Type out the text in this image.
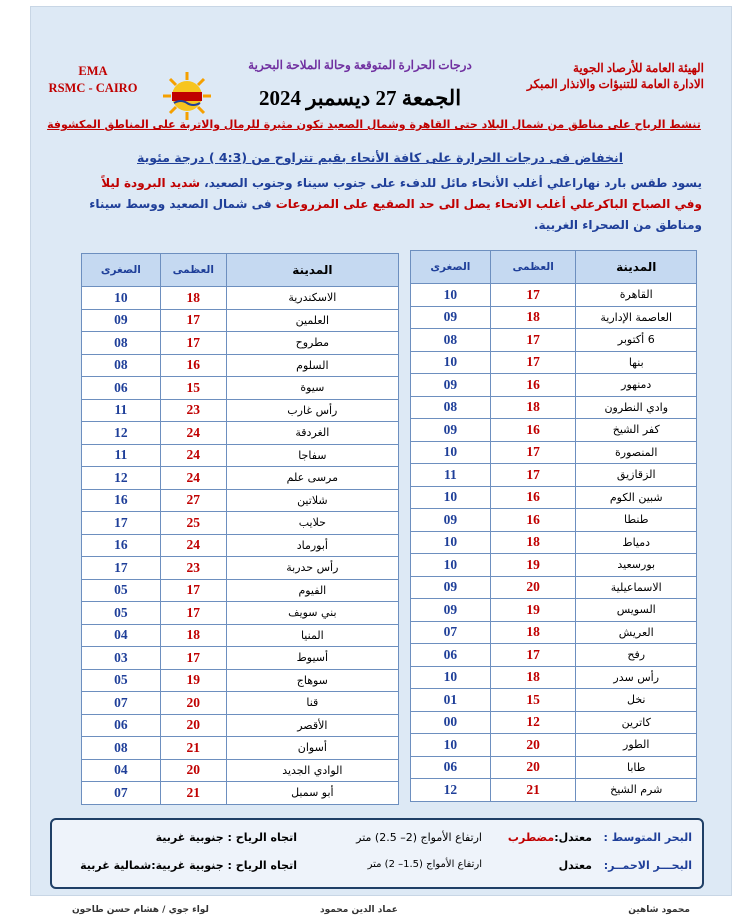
EMA
RSMC - CAIRO
الهيئة العامة للأرصاد الجوية
الادارة العامة للتنبؤات والانذار المبكر
درجات الحرارة المتوقعة وحالة الملاحة البحرية
الجمعة 27 ديسمبر 2024
تنشط الرياح على مناطق من شمال البلاد حتى القاهرة وشمال الصعيد تكون مثيرة للرمال والاتربة على المناطق المكشوفة
انخفاض فى درجات الحرارة على كافة الأنحاء بقيم تتراوح من (4:3 ) درجة مئوية
يسود طقس بارد نهاراعلي أغلب الأنحاء مائل للدفء على جنوب سيناء وجنوب الصعيد، شديد البرودة ليلاً وفي الصباح الباكرعلي أغلب الانحاء يصل الى حد الصقيع على المزروعات فى شمال الصعيد ووسط سيناء ومناطق من الصحراء الغربية.
المدينة	العظمى	الصغرى
القاهرة	17	10
العاصمة الإدارية	18	09
6 أكتوبر	17	08
بنها	17	10
دمنهور	16	09
وادي النطرون	18	08
كفر الشيخ	16	09
المنصورة	17	10
الزقازيق	17	11
شبين الكوم	16	10
طنطا	16	09
دمياط	18	10
بورسعيد	19	10
الاسماعيلية	20	09
السويس	19	09
العريش	18	07
رفح	17	06
رأس سدر	18	10
نخل	15	01
كاترين	12	00
الطور	20	10
طابا	20	06
شرم الشيخ	21	12
المدينة	العظمى	الصغرى
الاسكندرية	18	10
العلمين	17	09
مطروح	17	08
السلوم	16	08
سيوة	15	06
رأس غارب	23	11
الغردقة	24	12
سفاجا	24	11
مرسى علم	24	12
شلاتين	27	16
حلايب	25	17
أبورماد	24	16
رأس حدربة	23	17
الفيوم	17	05
بني سويف	17	05
المنيا	18	04
أسيوط	17	03
سوهاج	19	05
قنا	20	07
الأقصر	20	06
أسوان	21	08
الوادي الجديد	20	04
أبو سمبل	21	07
البحر المتوسط :
معتدل:مضطرب
ارتفاع الأمواج (2– 2.5) متر
اتجاه الرياح : جنوبية غربية
البحـــر الاحمــر:
معتدل
ارتفاع الأمواج (1.5– 2) متر
اتجاه الرياح : جنوبية غربية:شمالية غربية
محمود شاهين
عماد الدين محمود
لواء جوي / هشام حسن طاحون
